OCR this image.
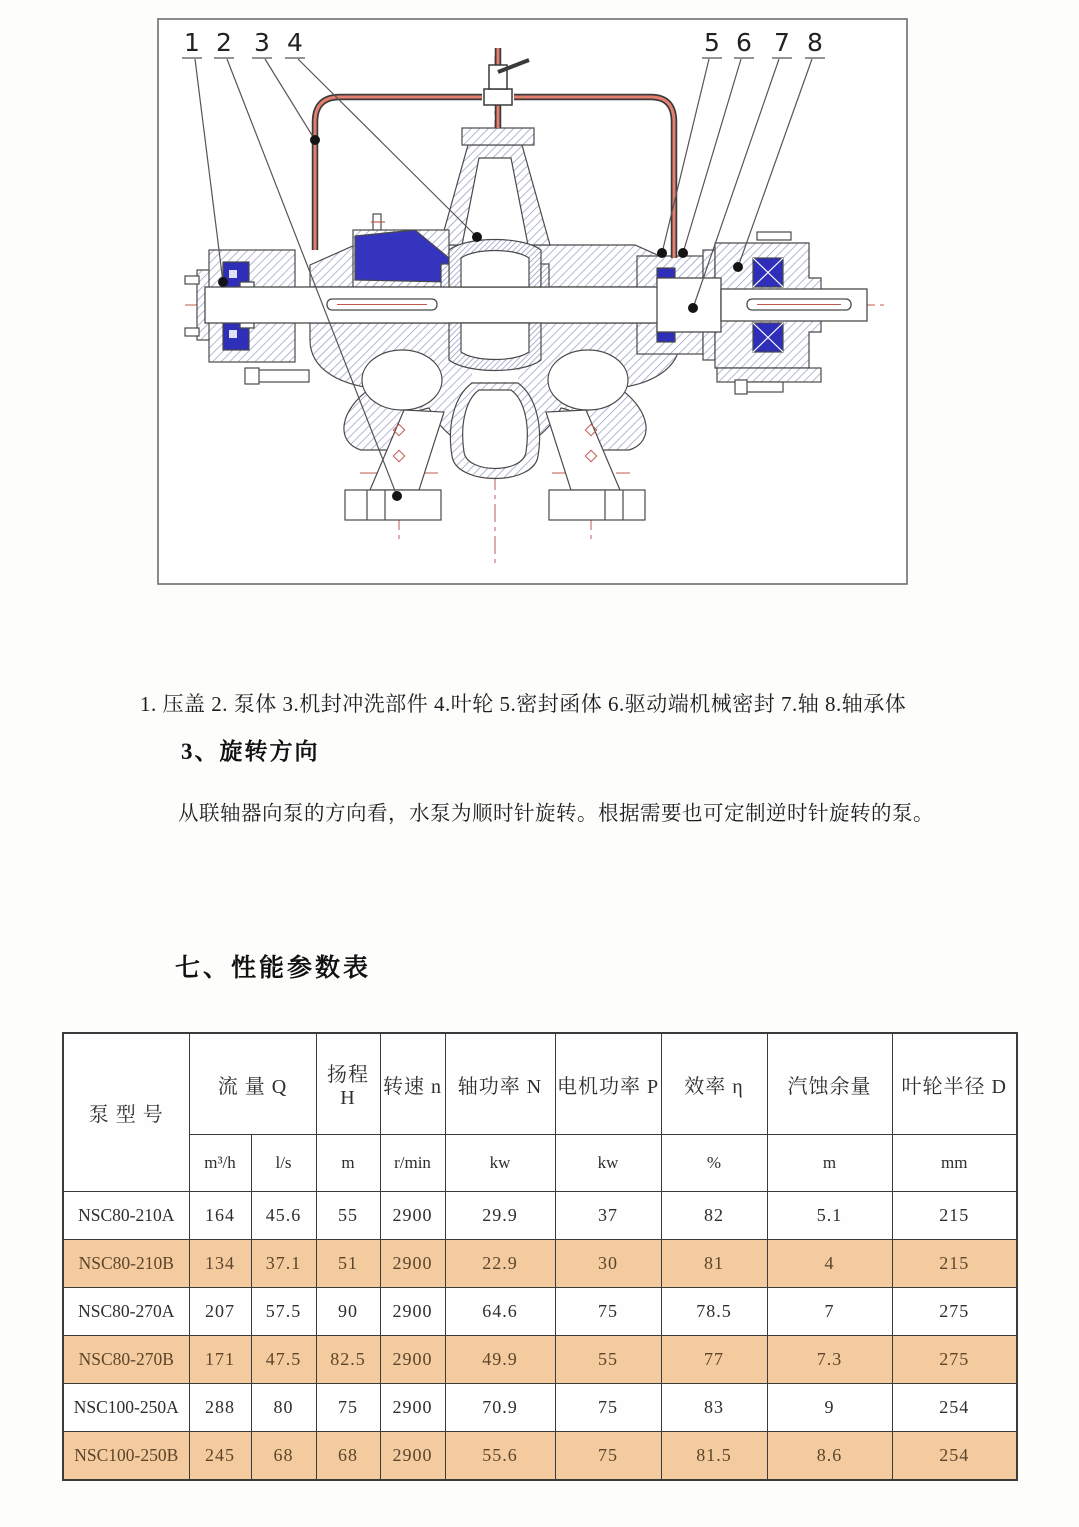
1 2 3 4	5 6 7 8
1. 压盖 2. 泵体 3.机封冲洗部件 4.叶轮 5.密封函体 6.驱动端机械密封 7.轴 8.轴承体
3、旋转方向
从联轴器向泵的方向看，水泵为顺时针旋转。根据需要也可定制逆时针旋转的泵。
七、性能参数表
泵 型 号	流 量 Q		扬程 H	转速 n	轴功率 N	电机功率 P	效率 η	汽蚀余量	叶轮半径 D
	m³/h	l/s	m	r/min	kw	kw	%	m	mm
NSC80-210A	164	45.6	55	2900	29.9	37	82	5.1	215
NSC80-210B	134	37.1	51	2900	22.9	30	81	4	215
NSC80-270A	207	57.5	90	2900	64.6	75	78.5	7	275
NSC80-270B	171	47.5	82.5	2900	49.9	55	77	7.3	275
NSC100-250A	288	80	75	2900	70.9	75	83	9	254
NSC100-250B	245	68	68	2900	55.6	75	81.5	8.6	254
